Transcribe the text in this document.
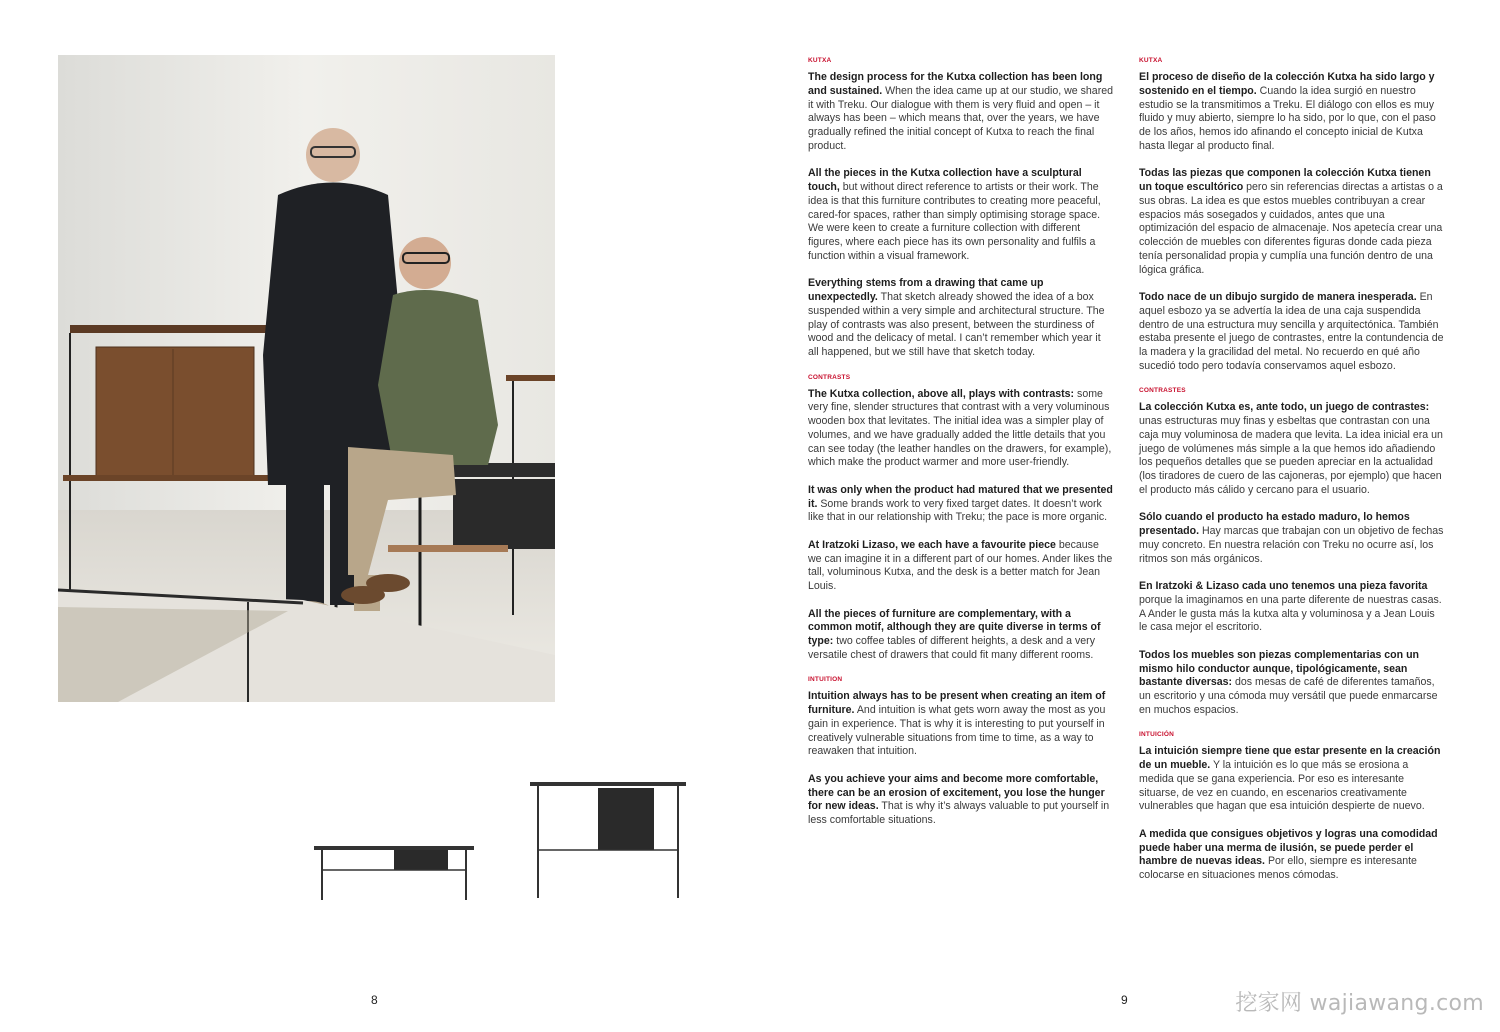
KUTXA

The design process for the Kutxa collection has been long and sustained. When the idea came up at our studio, we shared it with Treku. Our dialogue with them is very fluid and open – it always has been – which means that, over the years, we have gradually refined the initial concept of Kutxa to reach the final product.

All the pieces in the Kutxa collection have a sculptural touch, but without direct reference to artists or their work. The idea is that this furniture contributes to creating more peaceful, cared-for spaces, rather than simply optimising storage space. We were keen to create a furniture collection with different figures, where each piece has its own personality and fulfils a function within a visual framework.

Everything stems from a drawing that came up unexpectedly. That sketch already showed the idea of a box suspended within a very simple and architectural structure. The play of contrasts was also present, between the sturdiness of wood and the delicacy of metal. I can’t remember which year it all happened, but we still have that sketch today.

CONTRASTS

The Kutxa collection, above all, plays with contrasts: some very fine, slender structures that contrast with a very voluminous wooden box that levitates. The initial idea was a simpler play of volumes, and we have gradually added the little details that you can see today (the leather handles on the drawers, for example), which make the product warmer and more user-friendly.

It was only when the product had matured that we presented it. Some brands work to very fixed target dates. It doesn’t work like that in our relationship with Treku; the pace is more organic.

At Iratzoki Lizaso, we each have a favourite piece because we can imagine it in a different part of our homes. Ander likes the tall, voluminous Kutxa, and the desk is a better match for Jean Louis.

All the pieces of furniture are complementary, with a common motif, although they are quite diverse in terms of type: two coffee tables of different heights, a desk and a very versatile chest of drawers that could fit many different rooms.

INTUITION

Intuition always has to be present when creating an item of furniture. And intuition is what gets worn away the most as you gain in experience. That is why it is interesting to put yourself in creatively vulnerable situations from time to time, as a way to reawaken that intuition.

As you achieve your aims and become more comfortable, there can be an erosion of excitement, you lose the hunger for new ideas. That is why it’s always valuable to put yourself in less comfortable situations.

KUTXA

El proceso de diseño de la colección Kutxa ha sido largo y sostenido en el tiempo. Cuando la idea surgió en nuestro estudio se la transmitimos a Treku. El diálogo con ellos es muy fluido y muy abierto, siempre lo ha sido, por lo que, con el paso de los años, hemos ido afinando el concepto inicial de Kutxa hasta llegar al producto final.

Todas las piezas que componen la colección Kutxa tienen un toque escultórico pero sin referencias directas a artistas o a sus obras. La idea es que estos muebles contribuyan a crear espacios más sosegados y cuidados, antes que una optimización del espacio de almacenaje. Nos apetecía crear una colección de muebles con diferentes figuras donde cada pieza tenía personalidad propia y cumplía una función dentro de una lógica gráfica.

Todo nace de un dibujo surgido de manera inesperada. En aquel esbozo ya se advertía la idea de una caja suspendida dentro de una estructura muy sencilla y arquitectónica. También estaba presente el juego de contrastes, entre la contundencia de la madera y la gracilidad del metal. No recuerdo en qué año sucedió todo pero todavía conservamos aquel esbozo.

CONTRASTES

La colección Kutxa es, ante todo, un juego de contrastes: unas estructuras muy finas y esbeltas que contrastan con una caja muy voluminosa de madera que levita. La idea inicial era un juego de volúmenes más simple a la que hemos ido añadiendo los pequeños detalles que se pueden apreciar en la actualidad (los tiradores de cuero de las cajoneras, por ejemplo) que hacen el producto más cálido y cercano para el usuario.

Sólo cuando el producto ha estado maduro, lo hemos presentado. Hay marcas que trabajan con un objetivo de fechas muy concreto. En nuestra relación con Treku no ocurre así, los ritmos son más orgánicos.

En Iratzoki & Lizaso cada uno tenemos una pieza favorita porque la imaginamos en una parte diferente de nuestras casas. A Ander le gusta más la kutxa alta y voluminosa y a Jean Louis le casa mejor el escritorio.

Todos los muebles son piezas complementarias con un mismo hilo conductor aunque, tipológicamente, sean bastante diversas: dos mesas de café de diferentes tamaños, un escritorio y una cómoda muy versátil que puede enmarcarse en muchos espacios.

INTUICIÓN

La intuición siempre tiene que estar presente en la creación de un mueble. Y la intuición es lo que más se erosiona a medida que se gana experiencia. Por eso es interesante situarse, de vez en cuando, en escenarios creativamente vulnerables que hagan que esa intuición despierte de nuevo.

A medida que consigues objetivos y logras una comodidad puede haber una merma de ilusión, se puede perder el hambre de nuevas ideas. Por ello, siempre es interesante colocarse en situaciones menos cómodas.

8	9	挖家网 wajiawang.com
